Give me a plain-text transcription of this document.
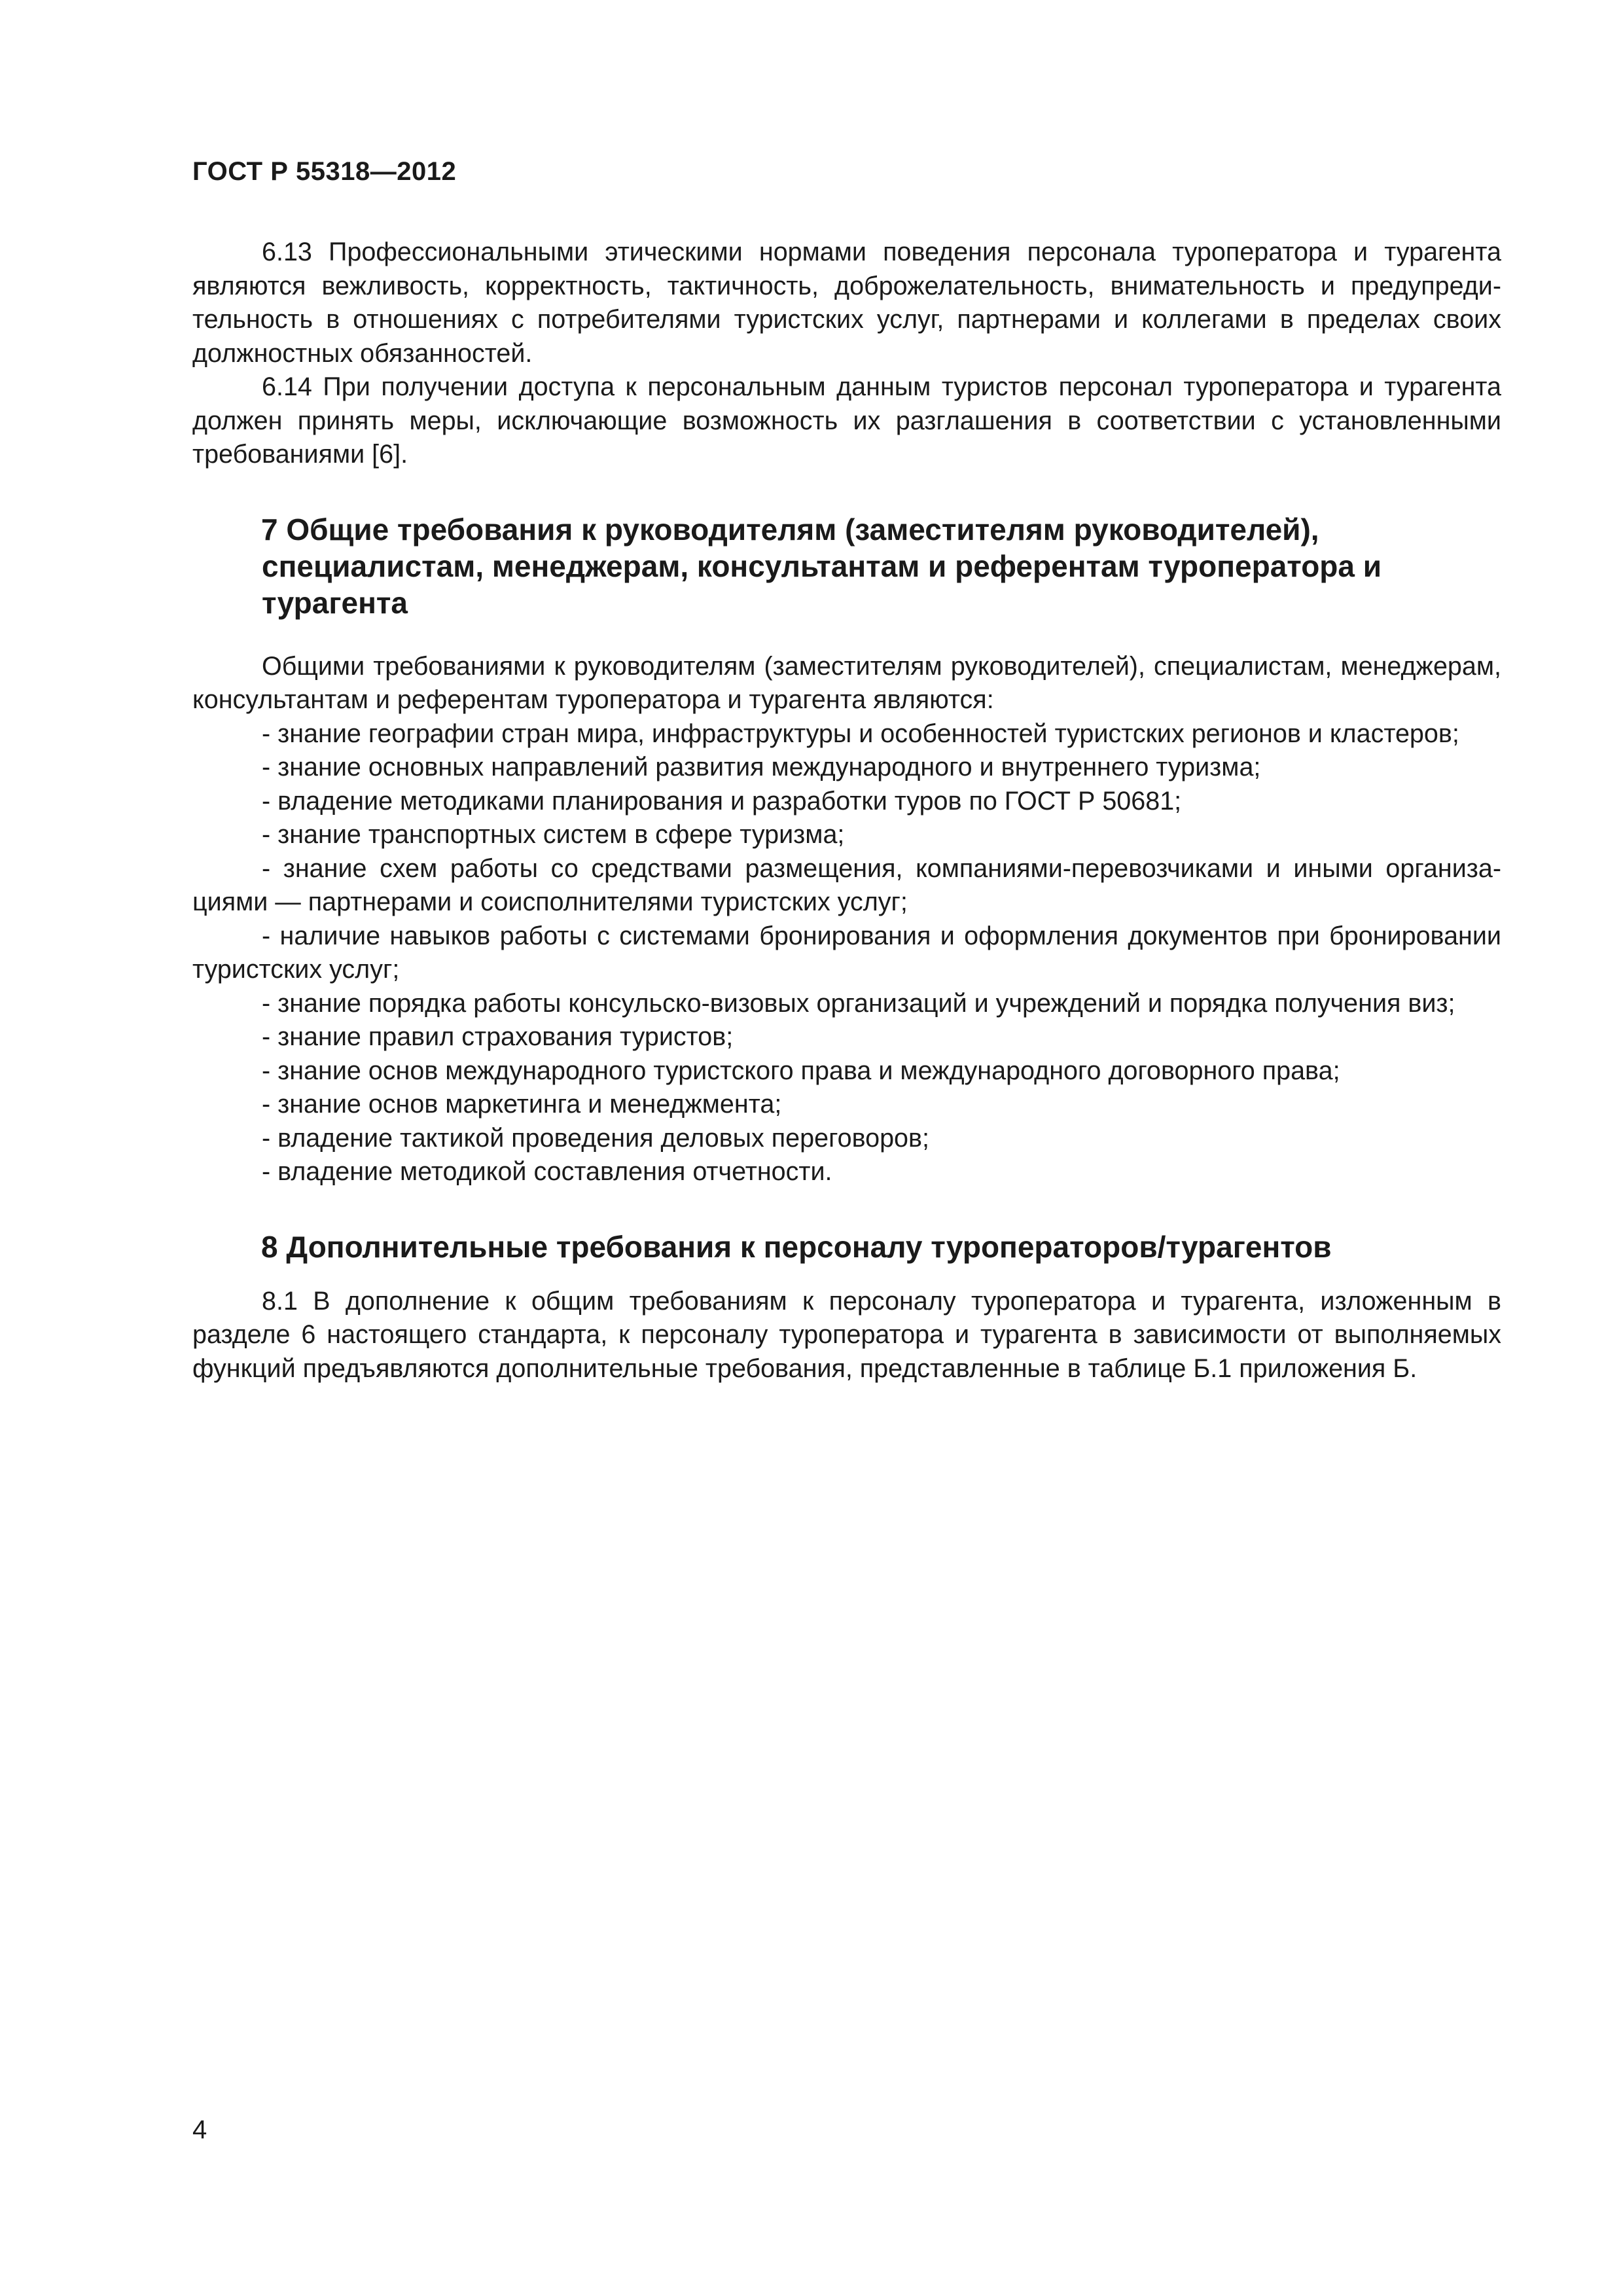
ГОСТ Р 55318—2012

6.13 Профессиональными этическими нормами поведения персонала туроператора и турагента являются вежливость, корректность, тактичность, доброжелательность, внимательность и предупредительность в отношениях с потребителями туристских услуг, партнерами и коллегами в пределах своих должностных обязанностей.

6.14 При получении доступа к персональным данным туристов персонал туроператора и турагента должен принять меры, исключающие возможность их разглашения в соответствии с установленными требованиями [6].

7 Общие требования к руководителям (заместителям руководителей), специалистам, менеджерам, консультантам и референтам туроператора и турагента

Общими требованиями к руководителям (заместителям руководителей), специалистам, менеджерам, консультантам и референтам туроператора и турагента являются:

- знание географии стран мира, инфраструктуры и особенностей туристских регионов и кластеров;
- знание основных направлений развития международного и внутреннего туризма;
- владение методиками планирования и разработки туров по ГОСТ Р 50681;
- знание транспортных систем в сфере туризма;
- знание схем работы со средствами размещения, компаниями-перевозчиками и иными организациями — партнерами и соисполнителями туристских услуг;
- наличие навыков работы с системами бронирования и оформления документов при бронировании туристских услуг;
- знание порядка работы консульско-визовых организаций и учреждений и порядка получения виз;
- знание правил страхования туристов;
- знание основ международного туристского права и международного договорного права;
- знание основ маркетинга и менеджмента;
- владение тактикой проведения деловых переговоров;
- владение методикой составления отчетности.
8 Дополнительные требования к персоналу туроператоров/турагентов

8.1 В дополнение к общим требованиям к персоналу туроператора и турагента, изложенным в разделе 6 настоящего стандарта, к персоналу туроператора и турагента в зависимости от выполняемых функций предъявляются дополнительные требования, представленные в таблице Б.1 приложения Б.

4
